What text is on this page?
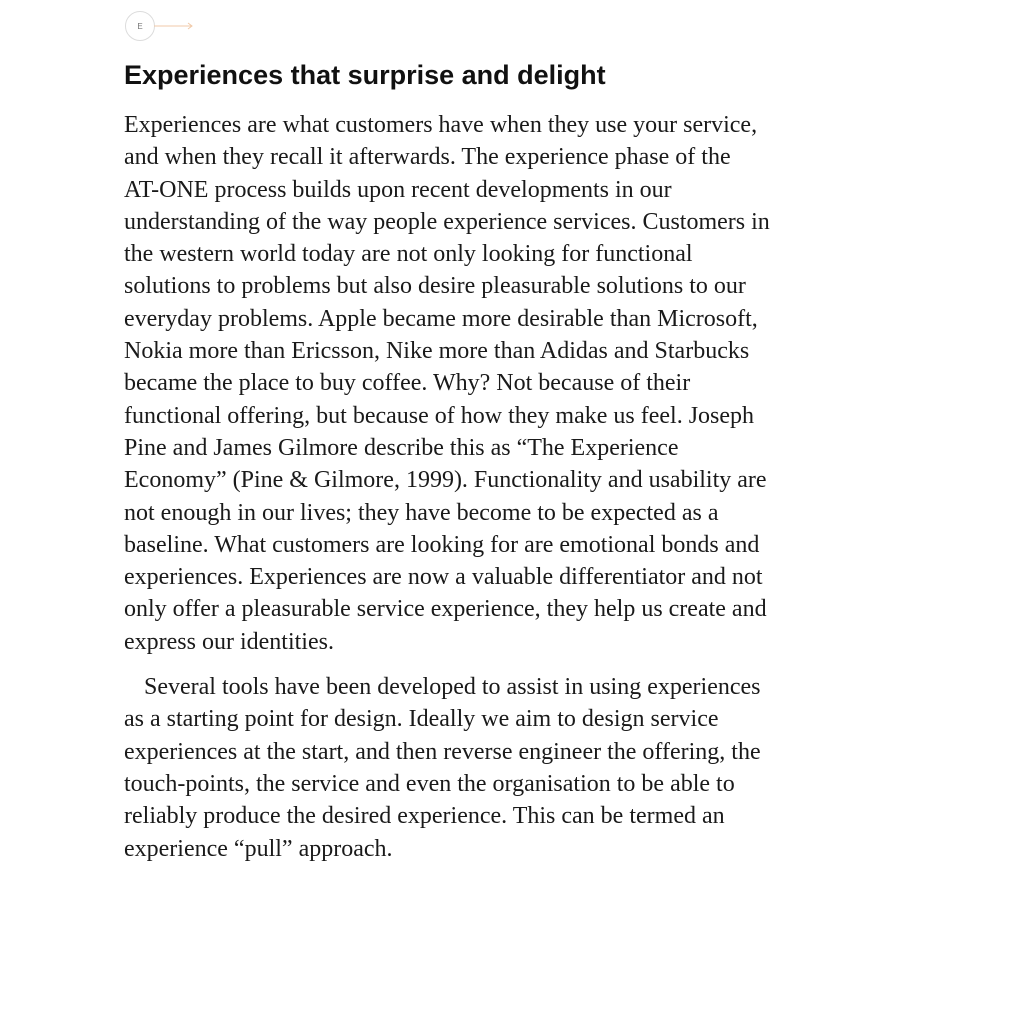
E
Experiences that surprise and delight

Experiences are what customers have when they use your service,
and when they recall it afterwards. The experience phase of the
AT-ONE process builds upon recent developments in our
understanding of the way people experience services. Customers in
the western world today are not only looking for functional
solutions to problems but also desire pleasurable solutions to our
everyday problems. Apple became more desirable than Microsoft,
Nokia more than Ericsson, Nike more than Adidas and Starbucks
became the place to buy coffee. Why? Not because of their
functional offering, but because of how they make us feel. Joseph
Pine and James Gilmore describe this as “The Experience
Economy” (Pine & Gilmore, 1999). Functionality and usability are
not enough in our lives; they have become to be expected as a
baseline. What customers are looking for are emotional bonds and
experiences. Experiences are now a valuable differentiator and not
only offer a pleasurable service experience, they help us create and
express our identities.

Several tools have been developed to assist in using experiences
as a starting point for design. Ideally we aim to design service
experiences at the start, and then reverse engineer the offering, the
touch-points, the service and even the organisation to be able to
reliably produce the desired experience. This can be termed an
experience “pull” approach.
